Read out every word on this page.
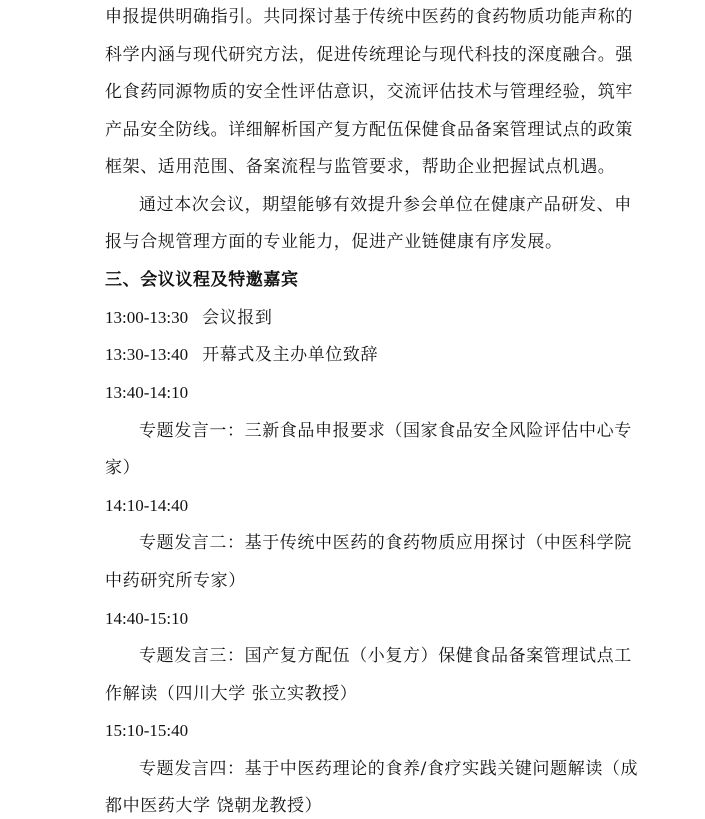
申报提供明确指引。共同探讨基于传统中医药的食药物质功能声称的
科学内涵与现代研究方法，促进传统理论与现代科技的深度融合。强
化食药同源物质的安全性评估意识，交流评估技术与管理经验，筑牢
产品安全防线。详细解析国产复方配伍保健食品备案管理试点的政策
框架、适用范围、备案流程与监管要求，帮助企业把握试点机遇。
通过本次会议，期望能够有效提升参会单位在健康产品研发、申
报与合规管理方面的专业能力，促进产业链健康有序发展。
三、会议议程及特邀嘉宾
13:00-13:30 会议报到
13:30-13:40 开幕式及主办单位致辞
13:40-14:10
专题发言一：三新食品申报要求（国家食品安全风险评估中心专
家）
14:10-14:40
专题发言二：基于传统中医药的食药物质应用探讨（中医科学院
中药研究所专家）
14:40-15:10
专题发言三：国产复方配伍（小复方）保健食品备案管理试点工
作解读（四川大学 张立实教授）
15:10-15:40
专题发言四：基于中医药理论的食养/食疗实践关键问题解读（成
都中医药大学 饶朝龙教授）
